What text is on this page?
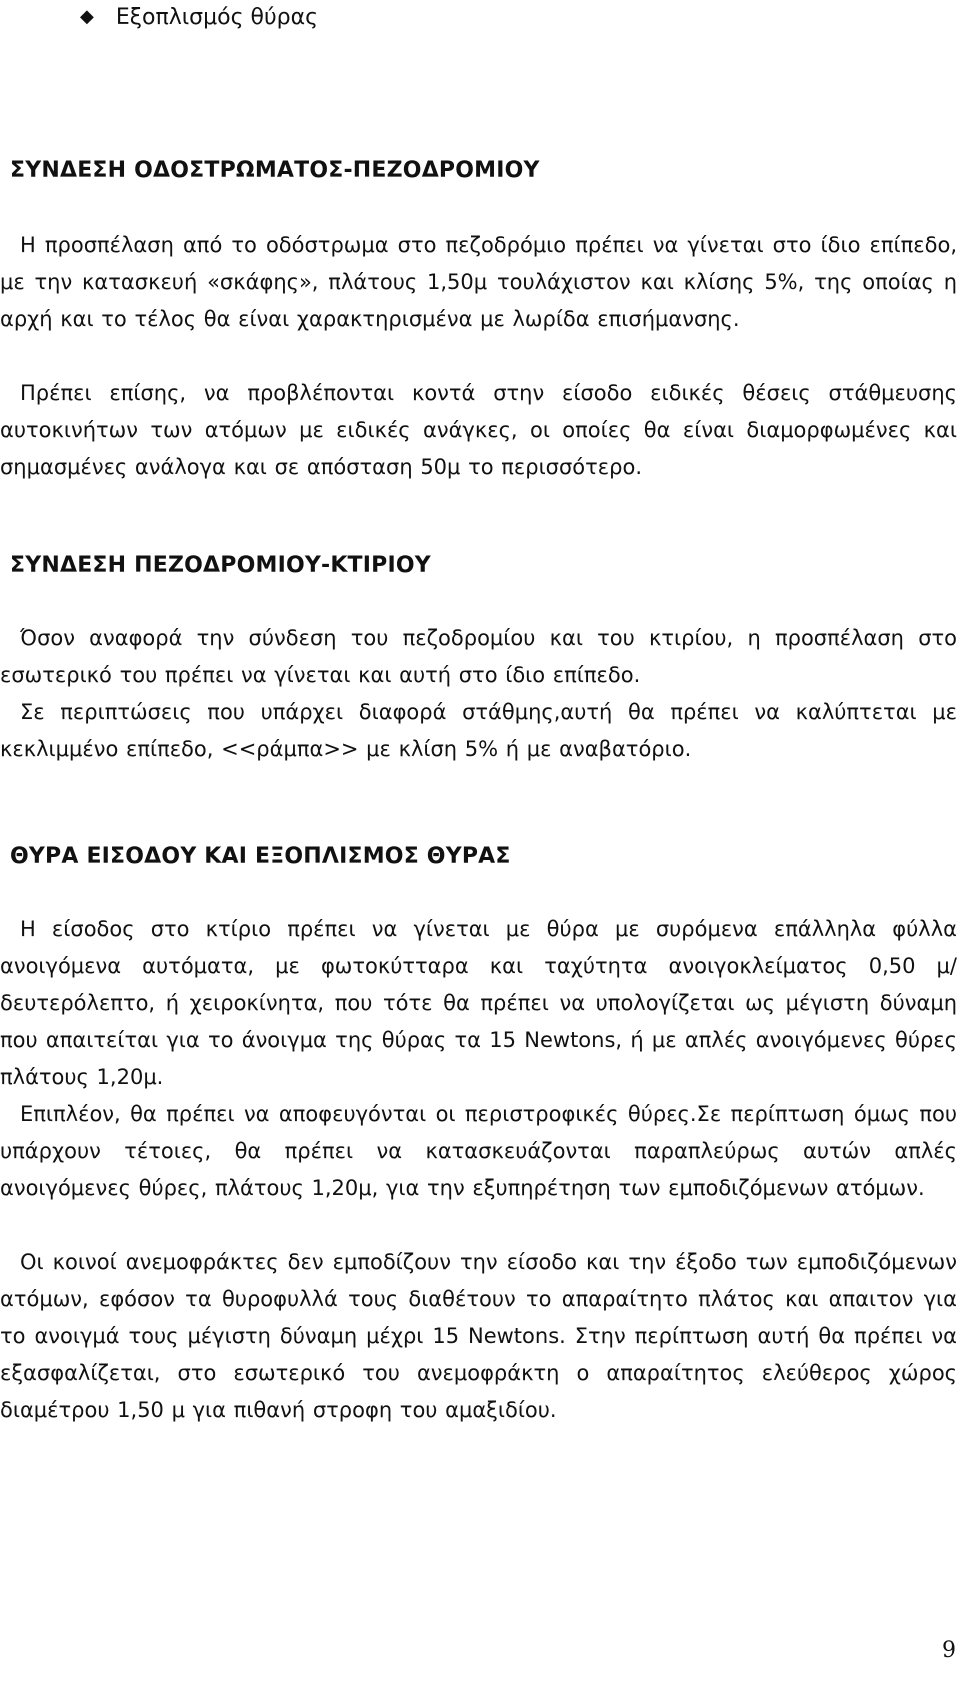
◆ Εξοπλισμός θύρας
ΣΥΝΔΕΣΗ ΟΔΟΣΤΡΩΜΑΤΟΣ-ΠΕΖΟΔΡΟΜΙΟΥ
Η προσπέλαση από το οδόστρωμα στο πεζοδρόμιο πρέπει να γίνεται στο ίδιο επίπεδο, με την κατασκευή «σκάφης», πλάτους 1,50μ τουλάχιστον και κλίσης 5%, της οποίας η αρχή και το τέλος θα είναι χαρακτηρισμένα με λωρίδα επισήμανσης.
Πρέπει επίσης, να προβλέπονται κοντά στην είσοδο ειδικές θέσεις στάθμευσης αυτοκινήτων των ατόμων με ειδικές ανάγκες, οι οποίες θα είναι διαμορφωμένες και σημασμένες ανάλογα και σε απόσταση 50μ το περισσότερο.
ΣΥΝΔΕΣΗ ΠΕΖΟΔΡΟΜΙΟΥ-ΚΤΙΡΙΟΥ
Όσον αναφορά την σύνδεση του πεζοδρομίου και του κτιρίου, η προσπέλαση στο εσωτερικό του πρέπει να γίνεται και αυτή στο ίδιο επίπεδο.
Σε περιπτώσεις που υπάρχει διαφορά στάθμης,αυτή θα πρέπει να καλύπτεται με κεκλιμμένο επίπεδο, <<ράμπα>> με κλίση 5% ή με αναβατόριο.
ΘΥΡΑ ΕΙΣΟΔΟΥ ΚΑΙ ΕΞΟΠΛΙΣΜΟΣ ΘΥΡΑΣ
Η είσοδος στο κτίριο πρέπει να γίνεται με θύρα με συρόμενα επάλληλα φύλλα ανοιγόμενα αυτόματα, με φωτοκύτταρα και ταχύτητα ανοιγοκλείματος 0,50 μ/δευτερόλεπτο, ή χειροκίνητα, που τότε θα πρέπει να υπολογίζεται ως μέγιστη δύναμη που απαιτείται για το άνοιγμα της θύρας τα 15 Newtons, ή με απλές ανοιγόμενες θύρες πλάτους 1,20μ.
Επιπλέον, θα πρέπει να αποφευγόνται οι περιστροφικές θύρες.Σε περίπτωση όμως που υπάρχουν τέτοιες, θα πρέπει να κατασκευάζονται παραπλεύρως αυτών απλές ανοιγόμενες θύρες, πλάτους 1,20μ, για την εξυπηρέτηση των εμποδιζόμενων ατόμων.
Οι κοινοί ανεμοφράκτες δεν εμποδίζουν την είσοδο και την έξοδο των εμποδιζόμενων ατόμων, εφόσον τα θυροφυλλά τους διαθέτουν το απαραίτητο πλάτος και απαιτον για το ανοιγμά τους μέγιστη δύναμη μέχρι 15 Newtons. Στην περίπτωση αυτή θα πρέπει να εξασφαλίζεται, στο εσωτερικό του ανεμοφράκτη ο απαραίτητος ελεύθερος χώρος διαμέτρου 1,50 μ για πιθανή στροφη του αμαξιδίου.
9
